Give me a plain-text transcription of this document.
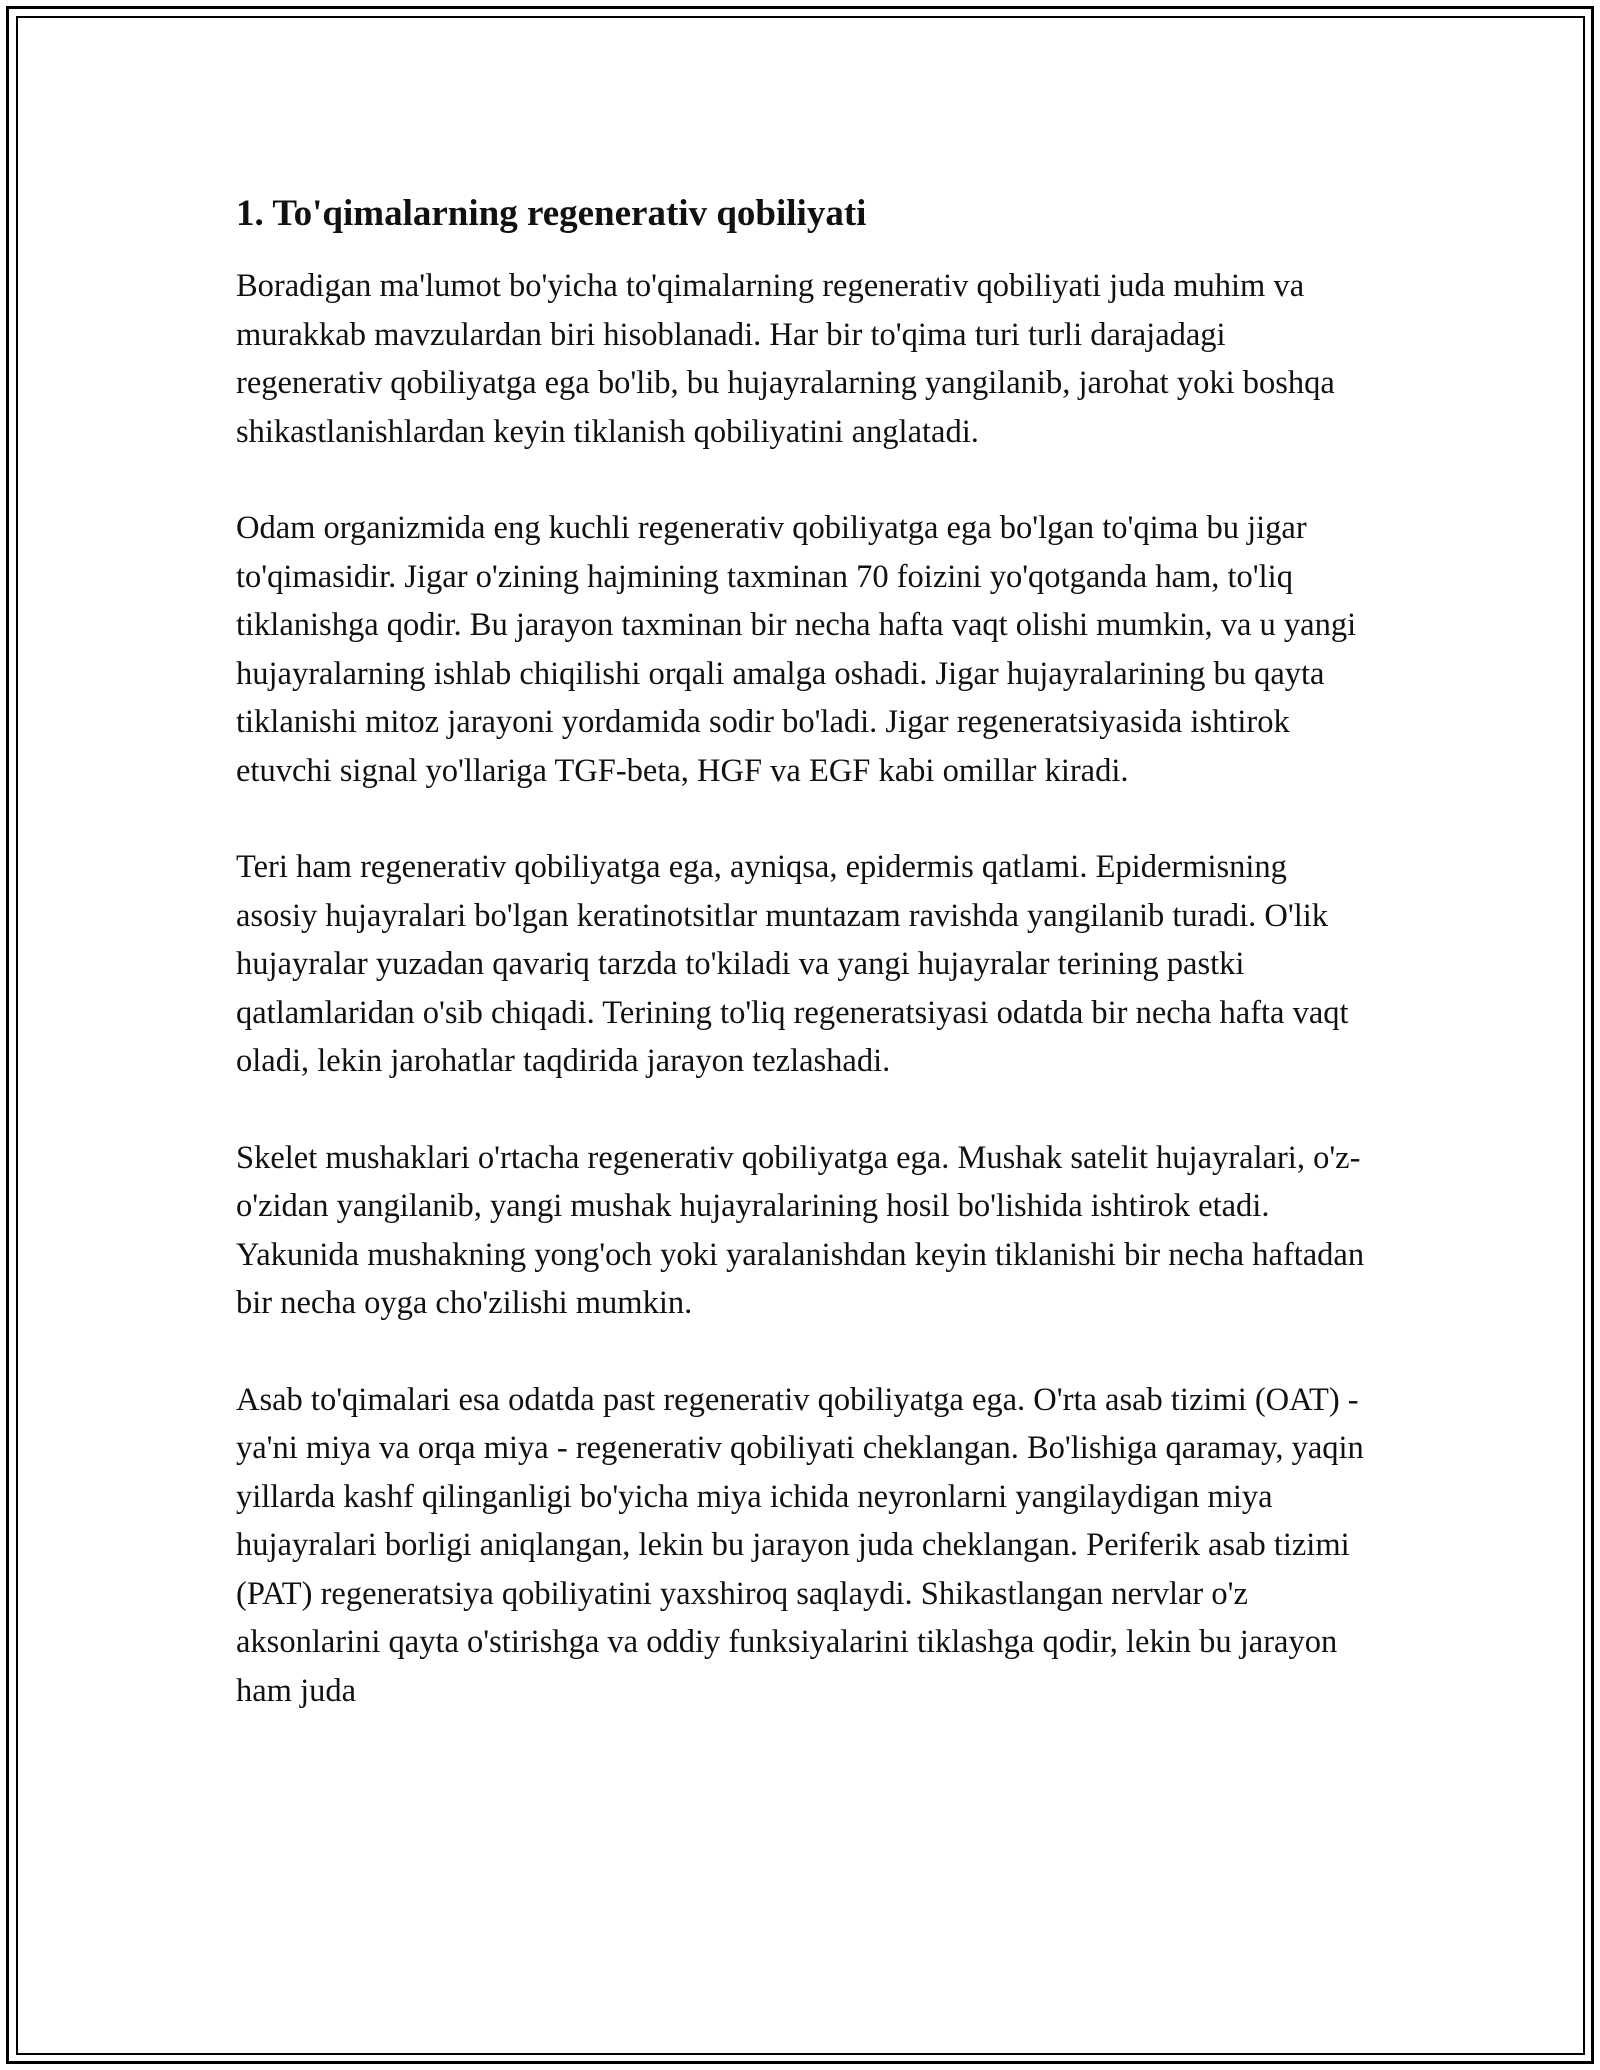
1. To'qimalarning regenerativ qobiliyati

Boradigan ma'lumot bo'yicha to'qimalarning regenerativ qobiliyati juda muhim va murakkab mavzulardan biri hisoblanadi. Har bir to'qima turi turli darajadagi regenerativ qobiliyatga ega bo'lib, bu hujayralarning yangilanib, jarohat yoki boshqa shikastlanishlardan keyin tiklanish qobiliyatini anglatadi.

Odam organizmida eng kuchli regenerativ qobiliyatga ega bo'lgan to'qima bu jigar to'qimasidir. Jigar o'zining hajmining taxminan 70 foizini yo'qotganda ham, to'liq tiklanishga qodir. Bu jarayon taxminan bir necha hafta vaqt olishi mumkin, va u yangi hujayralarning ishlab chiqilishi orqali amalga oshadi. Jigar hujayralarining bu qayta tiklanishi mitoz jarayoni yordamida sodir bo'ladi. Jigar regeneratsiyasida ishtirok etuvchi signal yo'llariga TGF-beta, HGF va EGF kabi omillar kiradi.

Teri ham regenerativ qobiliyatga ega, ayniqsa, epidermis qatlami. Epidermisning asosiy hujayralari bo'lgan keratinotsitlar muntazam ravishda yangilanib turadi. O'lik hujayralar yuzadan qavariq tarzda to'kiladi va yangi hujayralar terining pastki qatlamlaridan o'sib chiqadi. Terining to'liq regeneratsiyasi odatda bir necha hafta vaqt oladi, lekin jarohatlar taqdirida jarayon tezlashadi.

Skelet mushaklari o'rtacha regenerativ qobiliyatga ega. Mushak satelit hujayralari, o'z-o'zidan yangilanib, yangi mushak hujayralarining hosil bo'lishida ishtirok etadi. Yakunida mushakning yong'och yoki yaralanishdan keyin tiklanishi bir necha haftadan bir necha oyga cho'zilishi mumkin.

Asab to'qimalari esa odatda past regenerativ qobiliyatga ega. O'rta asab tizimi (OAT) - ya'ni miya va orqa miya - regenerativ qobiliyati cheklangan. Bo'lishiga qaramay, yaqin yillarda kashf qilinganligi bo'yicha miya ichida neyronlarni yangilaydigan miya hujayralari borligi aniqlangan, lekin bu jarayon juda cheklangan. Periferik asab tizimi (PAT) regeneratsiya qobiliyatini yaxshiroq saqlaydi. Shikastlangan nervlar o'z aksonlarini qayta o'stirishga va oddiy funksiyalarini tiklashga qodir, lekin bu jarayon ham juda
